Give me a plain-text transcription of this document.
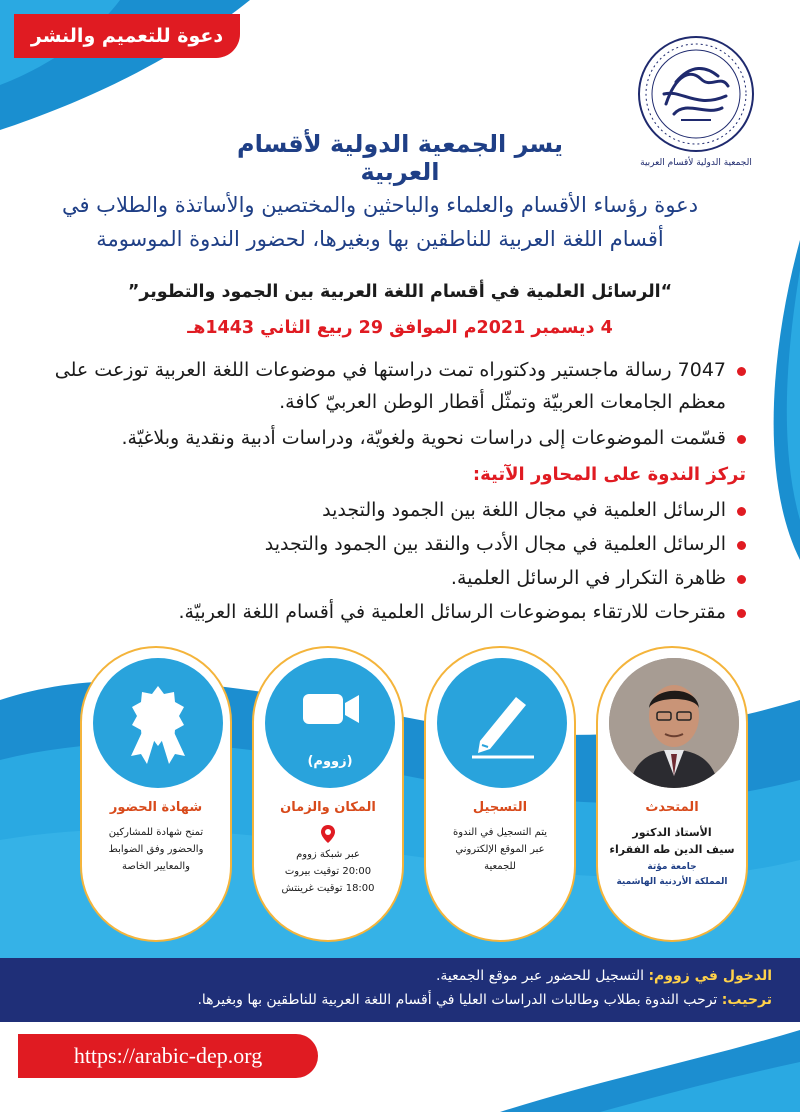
دعوة للتعميم والنشر
الجمعية الدولية لأقسام العربية
يسر الجمعية الدولية لأقسام العربية
دعوة رؤساء الأقسام والعلماء والباحثين والمختصين والأساتذة والطلاب في أقسام اللغة العربية للناطقين بها وبغيرها، لحضور الندوة الموسومة
“الرسائل العلمية في أقسام اللغة العربية بين الجمود والتطوير”
4 ديسمبر 2021م الموافق 29 ربيع الثاني 1443هـ
7047 رسالة ماجستير ودكتوراه تمت دراستها في موضوعات اللغة العربية توزعت على معظم الجامعات العربيّة وتمثّل أقطار الوطن العربيّ كافة.
قسّمت الموضوعات إلى دراسات نحوية ولغويّة، ودراسات أدبية ونقدية وبلاغيّة.
تركز الندوة على المحاور الآتية:
الرسائل العلمية في مجال اللغة بين الجمود والتجديد
الرسائل العلمية في مجال الأدب والنقد بين الجمود والتجديد
ظاهرة التكرار في الرسائل العلمية.
مقترحات للارتقاء بموضوعات الرسائل العلمية في أقسام اللغة العربيّة.
المتحدث
الأستاذ الدكتور
سيف الدين طه الفقراء
جامعة مؤتة
المملكة الأردنية الهاشمية
التسجيل
يتم التسجيل في الندوة
عبر الموقع الإلكتروني
للجمعية
(زووم)
المكان والزمان
عبر شبكة زووم
20:00 توقيت بيروت
18:00 توقيت غرينتش
شهادة الحضور
تمنح شهادة للمشاركين
والحضور وفق الضوابط
والمعايير الخاصة
الدخول في زووم: التسجيل للحضور عبر موقع الجمعية.
ترحيب: ترحب الندوة بطلاب وطالبات الدراسات العليا في أقسام اللغة العربية للناطقين بها وبغيرها.
https://arabic-dep.org
